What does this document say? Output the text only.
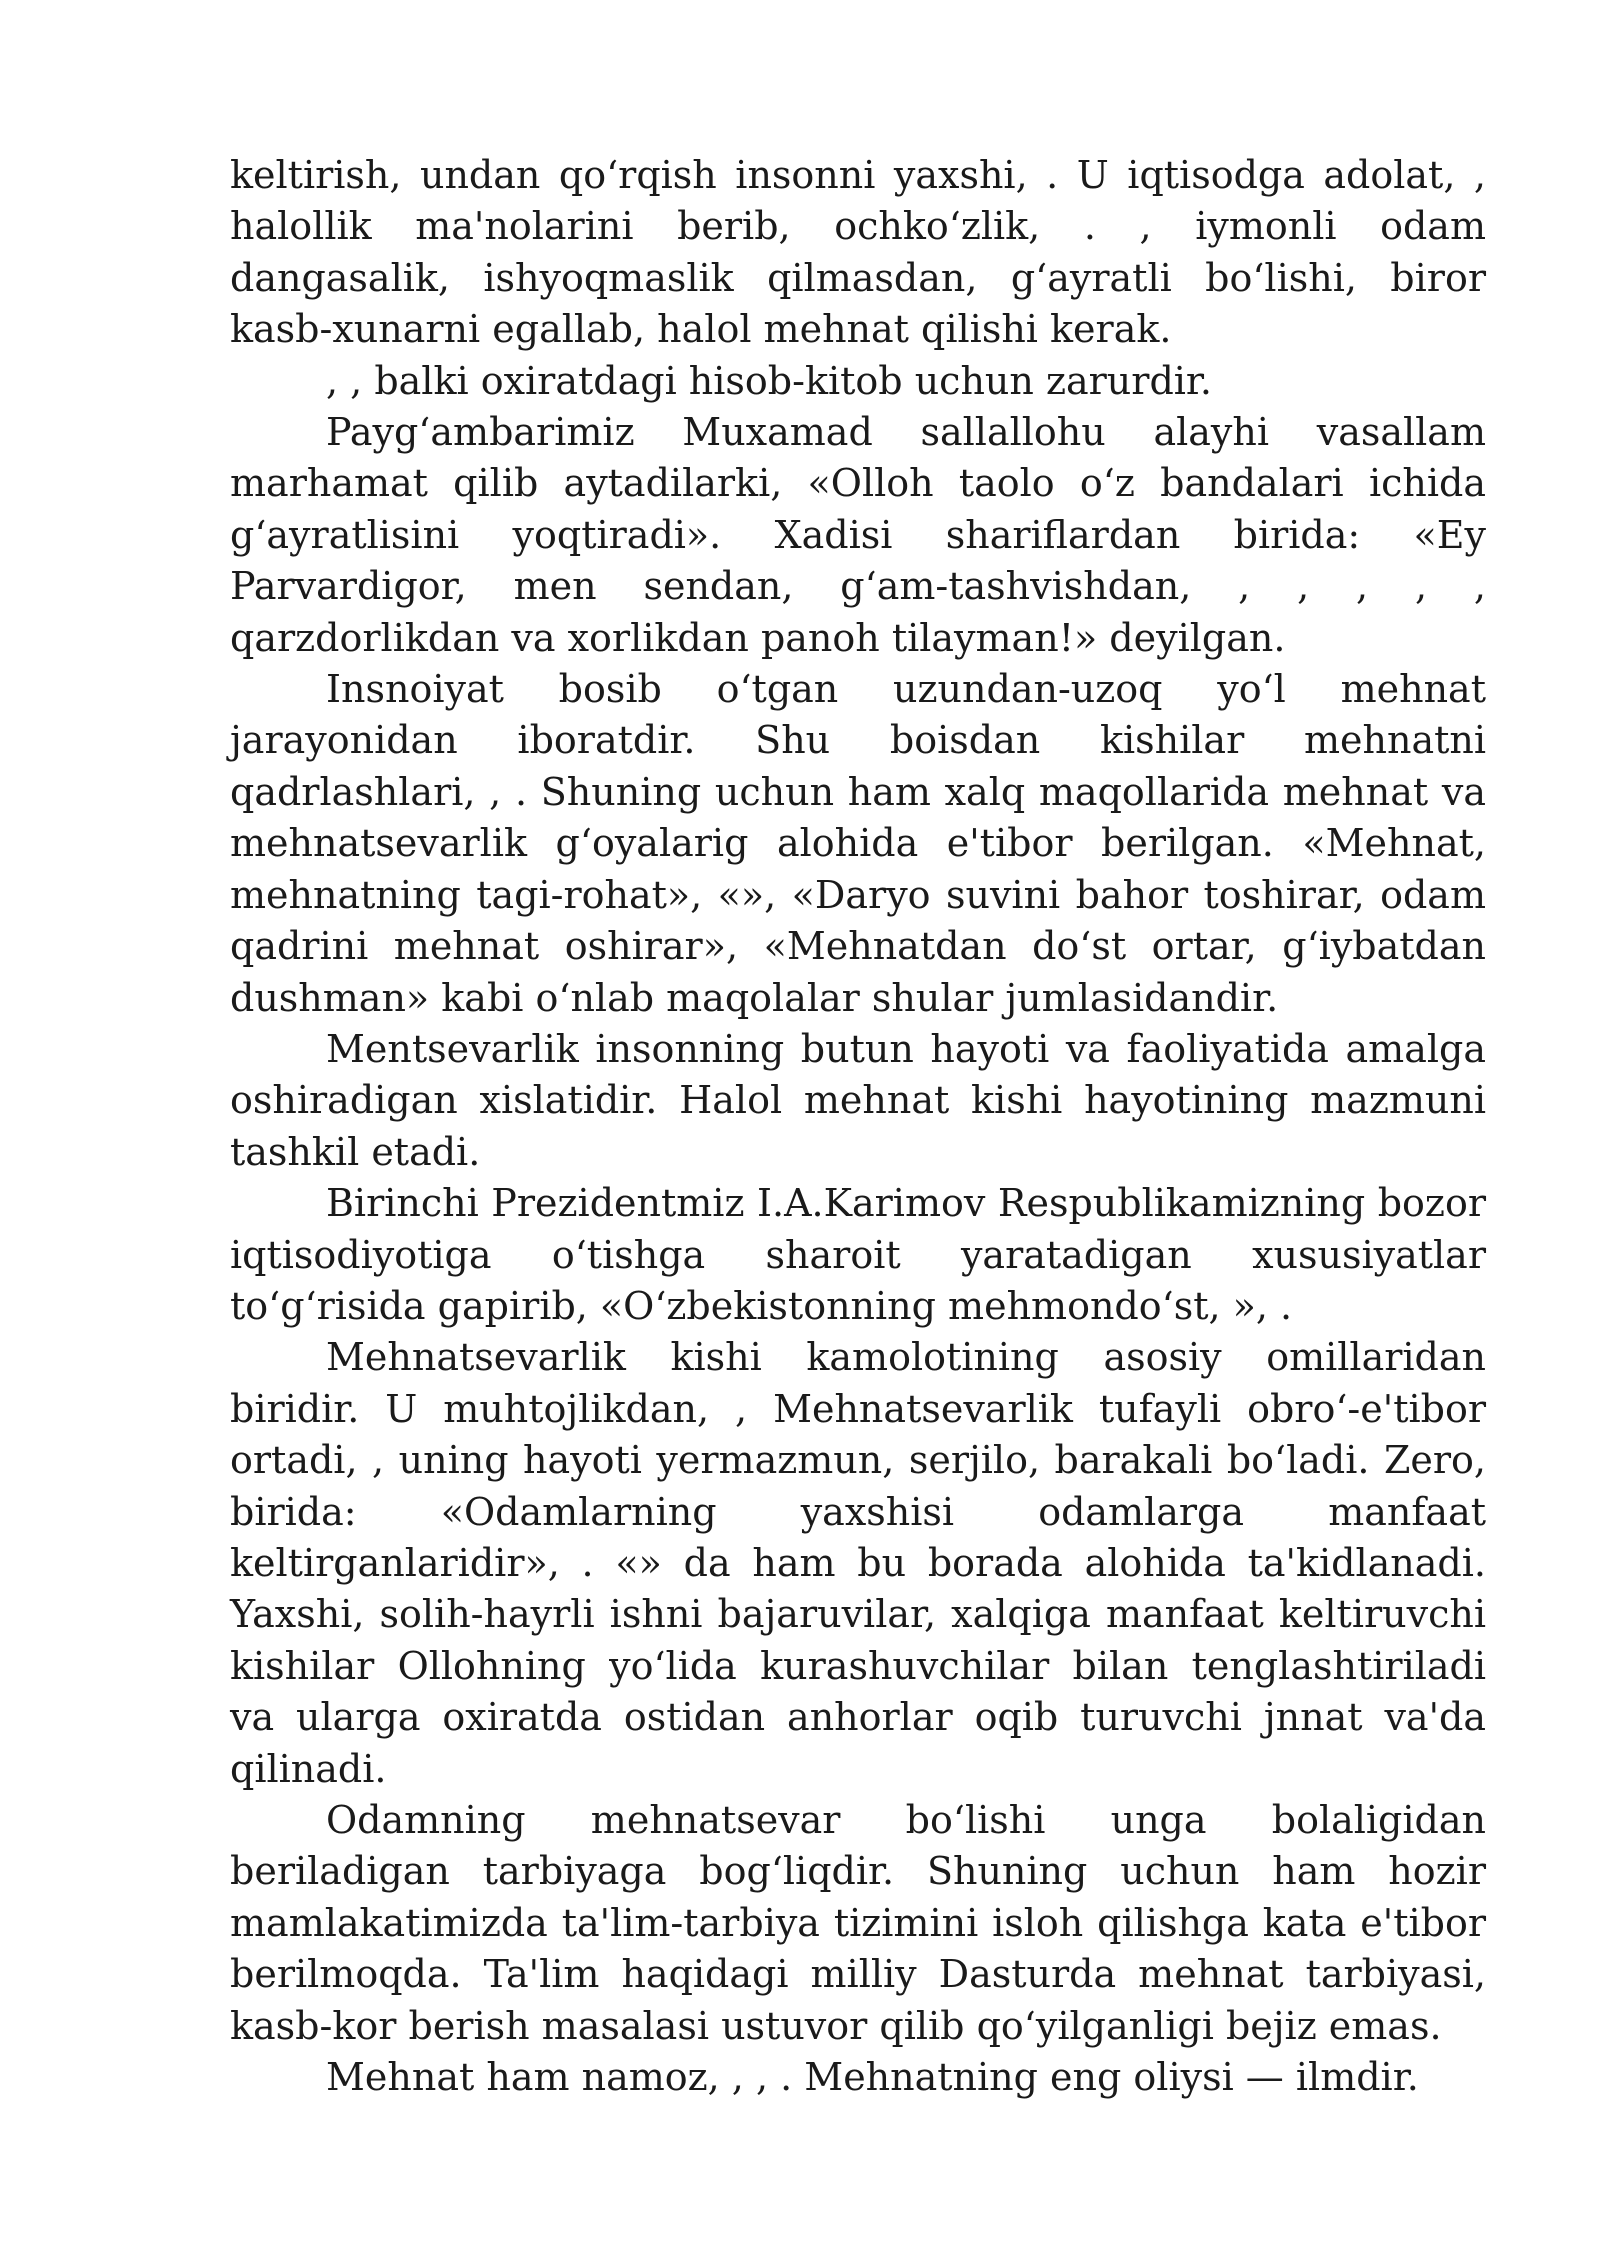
keltirish, undan qo‘rqish insonni yaxshi, . U iqtisodga adolat, , halollik ma'nolarini berib, ochko‘zlik, . , iymonli odam dangasalik, ishyoqmaslik qilmasdan, g‘ayratli bo‘lishi, biror kasb-xunarni egallab, halol mehnat qilishi kerak.

, , balki oxiratdagi hisob-kitob uchun zarurdir.

Payg‘ambarimiz Muxamad sallallohu alayhi vasallam marhamat qilib aytadilarki, «Olloh taolo o‘z bandalari ichida g‘ayratlisini yoqtiradi». Xadisi shariflardan birida: «Ey Parvardigor, men sendan, g‘am-tashvishdan, , , , , , qarzdorlikdan va xorlikdan panoh tilayman!» deyilgan.

Insnoiyat bosib o‘tgan uzundan-uzoq yo‘l mehnat jarayonidan iboratdir. Shu boisdan kishilar mehnatni qadrlashlari, , . Shuning uchun ham xalq maqollarida mehnat va mehnatsevarlik g‘oyalarig alohida e'tibor berilgan. «Mehnat, mehnatning tagi-rohat», «», «Daryo suvini bahor toshirar, odam qadrini mehnat oshirar», «Mehnatdan do‘st ortar, g‘iybatdan dushman» kabi o‘nlab maqolalar shular jumlasidandir.

Mentsevarlik insonning butun hayoti va faoliyatida amalga oshiradigan xislatidir. Halol mehnat kishi hayotining mazmuni tashkil etadi.

Birinchi Prezidentmiz I.A.Karimov Respublikamizning bozor iqtisodiyotiga o‘tishga sharoit yaratadigan xususiyatlar to‘g‘risida gapirib, «O‘zbekistonning mehmondo‘st, », .

Mehnatsevarlik kishi kamolotining asosiy omillaridan biridir. U muhtojlikdan, , Mehnatsevarlik tufayli obro‘-e'tibor ortadi, , uning hayoti yermazmun, serjilo, barakali bo‘ladi. Zero, birida: «Odamlarning yaxshisi odamlarga manfaat keltirganlaridir», . «» da ham bu borada alohida ta'kidlanadi. Yaxshi, solih-hayrli ishni bajaruvilar, xalqiga manfaat keltiruvchi kishilar Ollohning yo‘lida kurashuvchilar bilan tenglashtiriladi va ularga oxiratda ostidan anhorlar oqib turuvchi jnnat va'da qilinadi.

Odamning mehnatsevar bo‘lishi unga bolaligidan beriladigan tarbiyaga bog‘liqdir. Shuning uchun ham hozir mamlakatimizda ta'lim-tarbiya tizimini isloh qilishga kata e'tibor berilmoqda. Ta'lim haqidagi milliy Dasturda mehnat tarbiyasi, kasb-kor berish masalasi ustuvor qilib qo‘yilganligi bejiz emas.

Mehnat ham namoz, , , . Mehnatning eng oliysi — ilmdir.
